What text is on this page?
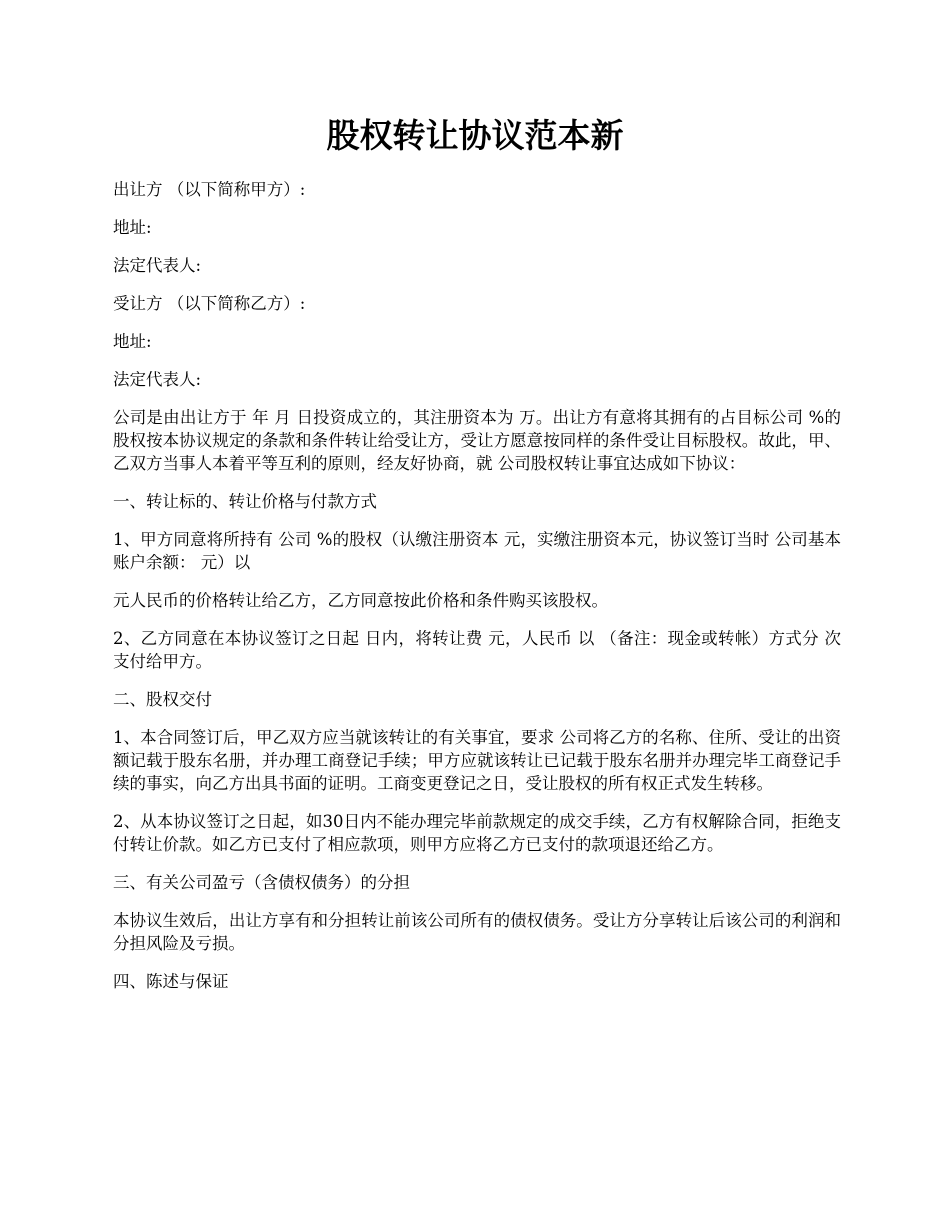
股权转让协议范本新

出让方 （以下简称甲方）:

地址:

法定代表人:

受让方 （以下简称乙方）:

地址:

法定代表人:

公司是由出让方于 年 月 日投资成立的，其注册资本为 万。出让方有意将其拥有的占目标公司 %的股权按本协议规定的条款和条件转让给受让方，受让方愿意按同样的条件受让目标股权。故此，甲、乙双方当事人本着平等互利的原则，经友好协商，就 公司股权转让事宜达成如下协议：

一、转让标的、转让价格与付款方式

1、甲方同意将所持有 公司 %的股权（认缴注册资本 元，实缴注册资本元，协议签订当时 公司基本账户余额： 元）以

元人民币的价格转让给乙方，乙方同意按此价格和条件购买该股权。

2、乙方同意在本协议签订之日起 日内，将转让费 元，人民币 以 （备注：现金或转帐）方式分 次支付给甲方。

二、股权交付

1、本合同签订后，甲乙双方应当就该转让的有关事宜，要求 公司将乙方的名称、住所、受让的出资额记载于股东名册，并办理工商登记手续；甲方应就该转让已记载于股东名册并办理完毕工商登记手续的事实，向乙方出具书面的证明。工商变更登记之日，受让股权的所有权正式发生转移。

2、从本协议签订之日起，如30日内不能办理完毕前款规定的成交手续，乙方有权解除合同，拒绝支付转让价款。如乙方已支付了相应款项，则甲方应将乙方已支付的款项退还给乙方。

三、有关公司盈亏（含债权债务）的分担

本协议生效后，出让方享有和分担转让前该公司所有的债权债务。受让方分享转让后该公司的利润和分担风险及亏损。

四、陈述与保证
